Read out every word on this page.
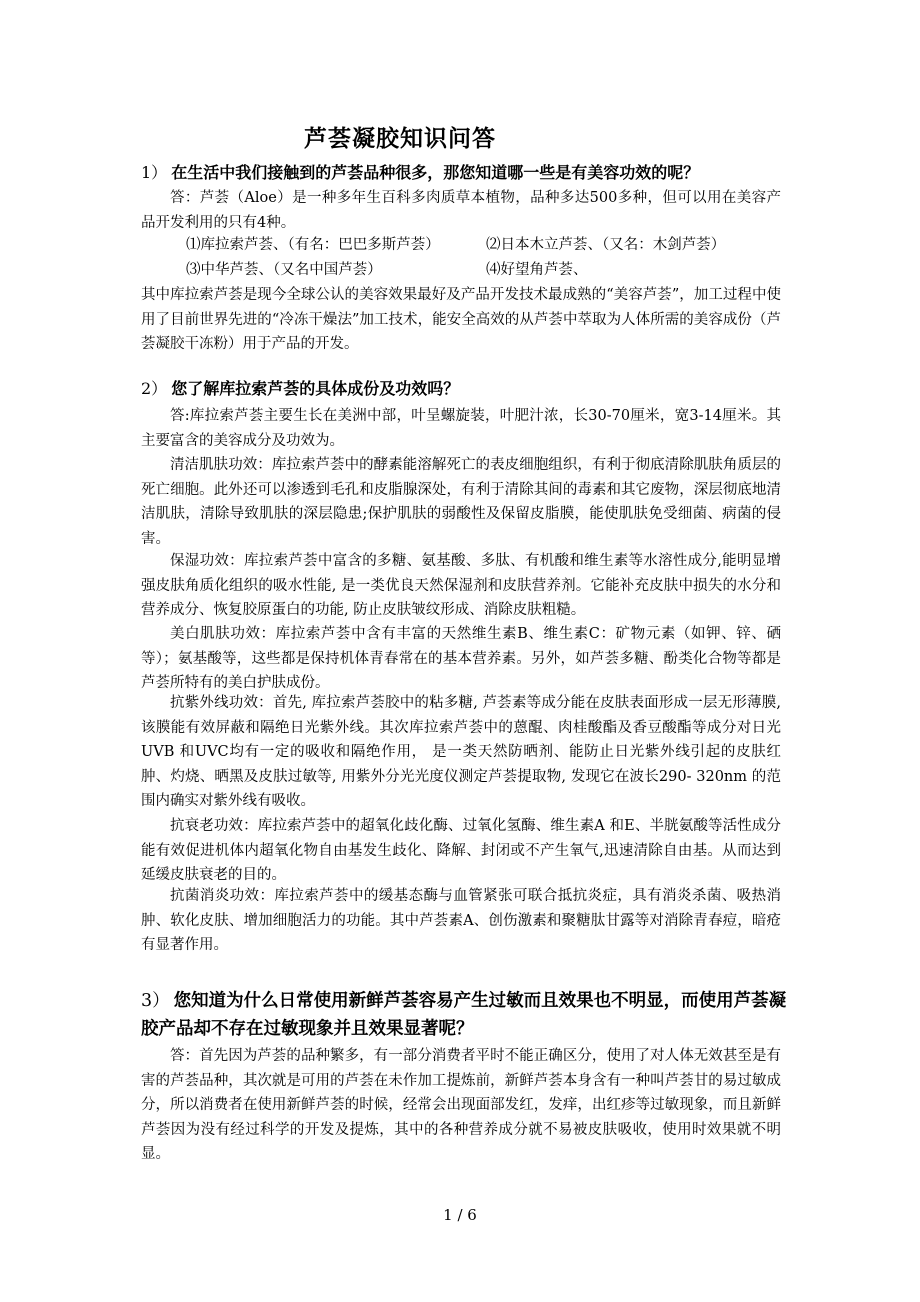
芦荟凝胶知识问答
1） 在生活中我们接触到的芦荟品种很多，那您知道哪一些是有美容功效的呢？
答：芦荟（Aloe）是一种多年生百科多肉质草本植物，品种多达500多种，但可以用在美容产品开发利用的只有4种。
⑴库拉索芦荟、（有名：巴巴多斯芦荟）	⑵日本木立芦荟、（又名：木剑芦荟）
⑶中华芦荟、（又名中国芦荟）	⑷好望角芦荟、
其中库拉索芦荟是现今全球公认的美容效果最好及产品开发技术最成熟的“美容芦荟”，加工过程中使用了目前世界先进的“冷冻干燥法”加工技术，能安全高效的从芦荟中萃取为人体所需的美容成份（芦荟凝胶干冻粉）用于产品的开发。
2） 您了解库拉索芦荟的具体成份及功效吗？
答:库拉索芦荟主要生长在美洲中部，叶呈螺旋装，叶肥汁浓，长30-70厘米，宽3-14厘米。其主要富含的美容成分及功效为。
清洁肌肤功效：库拉索芦荟中的酵素能溶解死亡的表皮细胞组织，有利于彻底清除肌肤角质层的死亡细胞。此外还可以渗透到毛孔和皮脂腺深处，有利于清除其间的毒素和其它废物，深层彻底地清洁肌肤，清除导致肌肤的深层隐患;保护肌肤的弱酸性及保留皮脂膜，能使肌肤免受细菌、病菌的侵害。
保湿功效：库拉索芦荟中富含的多糖、氨基酸、多肽、有机酸和维生素等水溶性成分,能明显增强皮肤角质化组织的吸水性能, 是一类优良天然保湿剂和皮肤营养剂。它能补充皮肤中损失的水分和营养成分、恢复胶原蛋白的功能, 防止皮肤皱纹形成、消除皮肤粗糙。
美白肌肤功效：库拉索芦荟中含有丰富的天然维生素B、维生素C：矿物元素（如钾、锌、硒等）；氨基酸等，这些都是保持机体青春常在的基本营养素。另外，如芦荟多糖、酚类化合物等都是芦荟所特有的美白护肤成份。
抗紫外线功效：首先, 库拉索芦荟胶中的粘多糖, 芦荟素等成分能在皮肤表面形成一层无形薄膜, 该膜能有效屏蔽和隔绝日光紫外线。其次库拉索芦荟中的蒽醌、肉桂酸酯及香豆酸酯等成分对日光UVB 和UVC均有一定的吸收和隔绝作用， 是一类天然防晒剂、能防止日光紫外线引起的皮肤红肿、灼烧、晒黑及皮肤过敏等, 用紫外分光光度仪测定芦荟提取物, 发现它在波长290- 320nm 的范围内确实对紫外线有吸收。
抗衰老功效：库拉索芦荟中的超氧化歧化酶、过氧化氢酶、维生素A 和E、半胱氨酸等活性成分能有效促进机体内超氧化物自由基发生歧化、降解、封闭或不产生氧气,迅速清除自由基。从而达到延缓皮肤衰老的目的。
抗菌消炎功效：库拉索芦荟中的缓基态酶与血管紧张可联合抵抗炎症，具有消炎杀菌、吸热消肿、软化皮肤、增加细胞活力的功能。其中芦荟素A、创伤激素和聚糖肽甘露等对消除青春痘，暗疮有显著作用。
3） 您知道为什么日常使用新鲜芦荟容易产生过敏而且效果也不明显，而使用芦荟凝胶产品却不存在过敏现象并且效果显著呢？
答：首先因为芦荟的品种繁多，有一部分消费者平时不能正确区分，使用了对人体无效甚至是有害的芦荟品种，其次就是可用的芦荟在未作加工提炼前，新鲜芦荟本身含有一种叫芦荟甘的易过敏成分，所以消费者在使用新鲜芦荟的时候，经常会出现面部发红，发痒，出红疹等过敏现象，而且新鲜芦荟因为没有经过科学的开发及提炼，其中的各种营养成分就不易被皮肤吸收，使用时效果就不明显。
1 / 6
